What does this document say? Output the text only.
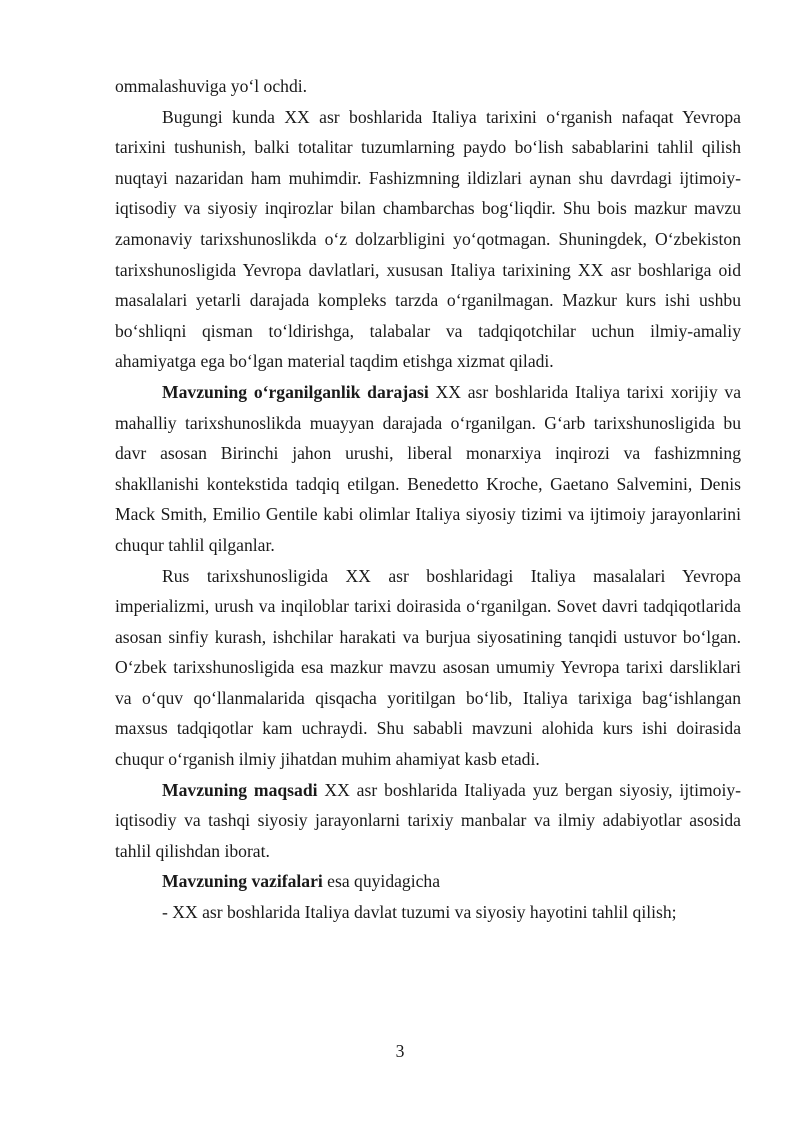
ommalashuviga yo‘l ochdi.

Bugungi kunda XX asr boshlarida Italiya tarixini o‘rganish nafaqat Yevropa tarixini tushunish, balki totalitar tuzumlarning paydo bo‘lish sabablarini tahlil qilish nuqtayi nazaridan ham muhimdir. Fashizmning ildizlari aynan shu davrdagi ijtimoiy-iqtisodiy va siyosiy inqirozlar bilan chambarchas bog‘liqdir. Shu bois mazkur mavzu zamonaviy tarixshunoslikda o‘z dolzarbligini yo‘qotmagan. Shuningdek, O‘zbekiston tarixshunosligida Yevropa davlatlari, xususan Italiya tarixining XX asr boshlariga oid masalalari yetarli darajada kompleks tarzda o‘rganilmagan. Mazkur kurs ishi ushbu bo‘shliqni qisman to‘ldirishga, talabalar va tadqiqotchilar uchun ilmiy-amaliy ahamiyatga ega bo‘lgan material taqdim etishga xizmat qiladi.

Mavzuning o‘rganilganlik darajasi XX asr boshlarida Italiya tarixi xorijiy va mahalliy tarixshunoslikda muayyan darajada o‘rganilgan. G‘arb tarixshunosligida bu davr asosan Birinchi jahon urushi, liberal monarxiya inqirozi va fashizmning shakllanishi kontekstida tadqiq etilgan. Benedetto Kroche, Gaetano Salvemini, Denis Mack Smith, Emilio Gentile kabi olimlar Italiya siyosiy tizimi va ijtimoiy jarayonlarini chuqur tahlil qilganlar.

Rus tarixshunosligida XX asr boshlaridagi Italiya masalalari Yevropa imperializmi, urush va inqiloblar tarixi doirasida o‘rganilgan. Sovet davri tadqiqotlarida asosan sinfiy kurash, ishchilar harakati va burjua siyosatining tanqidi ustuvor bo‘lgan. O‘zbek tarixshunosligida esa mazkur mavzu asosan umumiy Yevropa tarixi darsliklari va o‘quv qo‘llanmalarida qisqacha yoritilgan bo‘lib, Italiya tarixiga bag‘ishlangan maxsus tadqiqotlar kam uchraydi. Shu sababli mavzuni alohida kurs ishi doirasida chuqur o‘rganish ilmiy jihatdan muhim ahamiyat kasb etadi.

Mavzuning maqsadi XX asr boshlarida Italiyada yuz bergan siyosiy, ijtimoiy-iqtisodiy va tashqi siyosiy jarayonlarni tarixiy manbalar va ilmiy adabiyotlar asosida tahlil qilishdan iborat.

Mavzuning vazifalari esa quyidagicha

- XX asr boshlarida Italiya davlat tuzumi va siyosiy hayotini tahlil qilish;

3
